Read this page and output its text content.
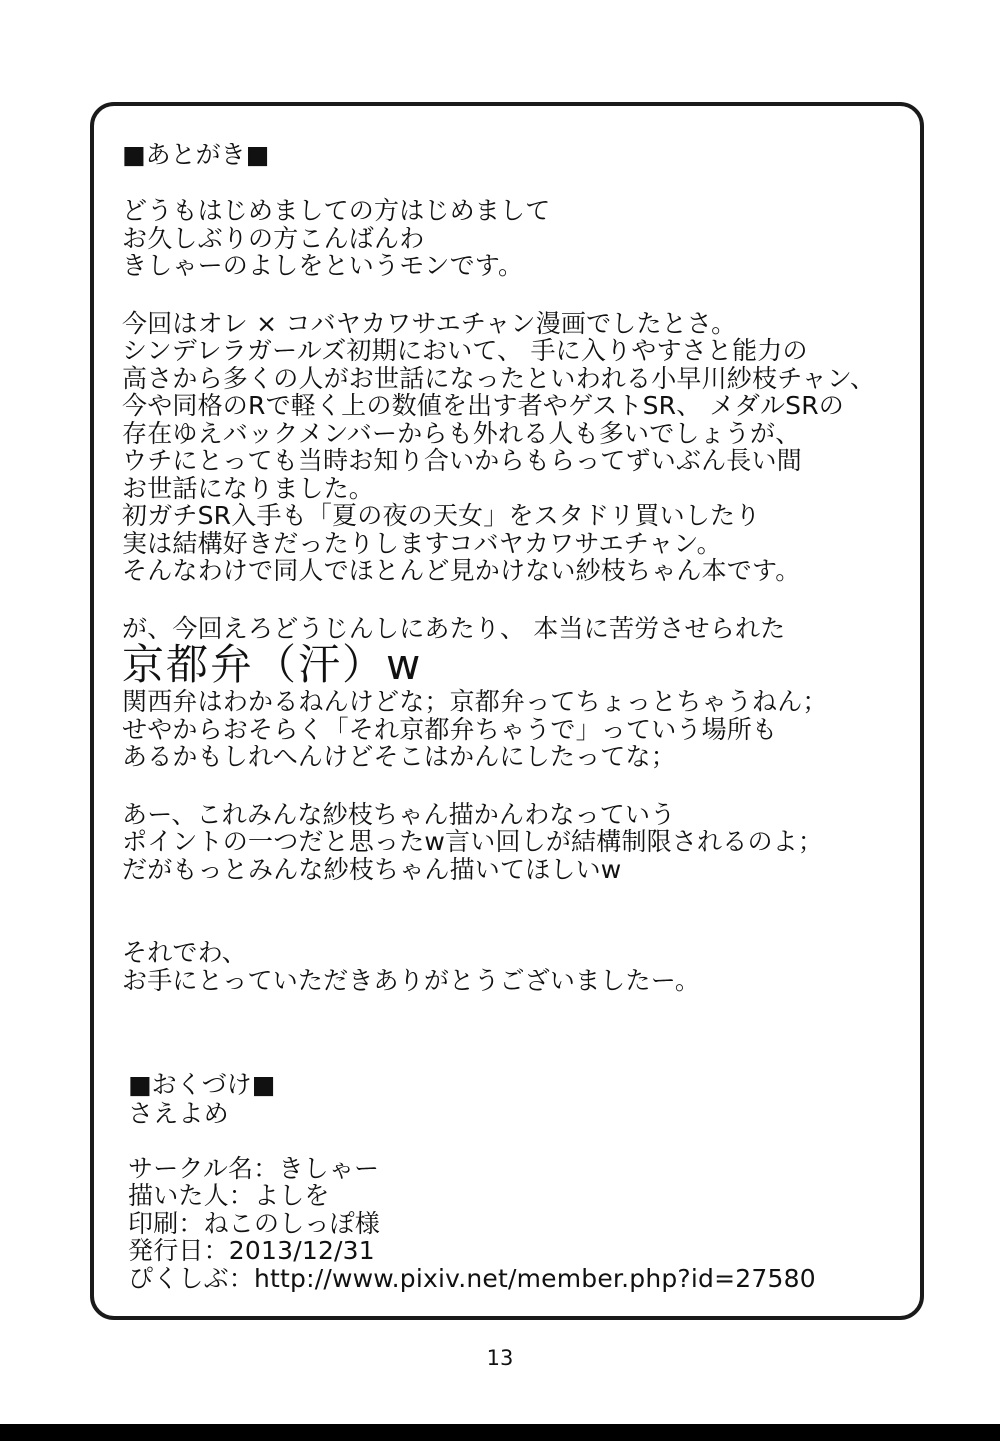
■あとがき■
どうもはじめましての方はじめまして
お久しぶりの方こんばんわ
きしゃーのよしをというモンです。
今回はオレ × コバヤカワサエチャン漫画でしたとさ。
シンデレラガールズ初期において、 手に入りやすさと能力の
高さから多くの人がお世話になったといわれる小早川紗枝チャン、
今や同格のRで軽く上の数値を出す者やゲストSR、 メダルSRの
存在ゆえバックメンバーからも外れる人も多いでしょうが、
ウチにとっても当時お知り合いからもらってずいぶん長い間
お世話になりました。
初ガチSR入手も「夏の夜の天女」をスタドリ買いしたり
実は結構好きだったりしますコバヤカワサエチャン。
そんなわけで同人でほとんど見かけない紗枝ちゃん本です。
が、今回えろどうじんしにあたり、 本当に苦労させられた
京都弁（汗）w
関西弁はわかるねんけどな；京都弁ってちょっとちゃうねん；
せやからおそらく「それ京都弁ちゃうで」っていう場所も
あるかもしれへんけどそこはかんにしたってな；
あー、これみんな紗枝ちゃん描かんわなっていう
ポイントの一つだと思ったw言い回しが結構制限されるのよ；
だがもっとみんな紗枝ちゃん描いてほしいw
それでわ、
お手にとっていただきありがとうございましたー。
■おくづけ■
さえよめ
サークル名：きしゃー
描いた人：よしを
印刷：ねこのしっぽ様
発行日：2013/12/31
ぴくしぶ：http://www.pixiv.net/member.php?id=27580
13
